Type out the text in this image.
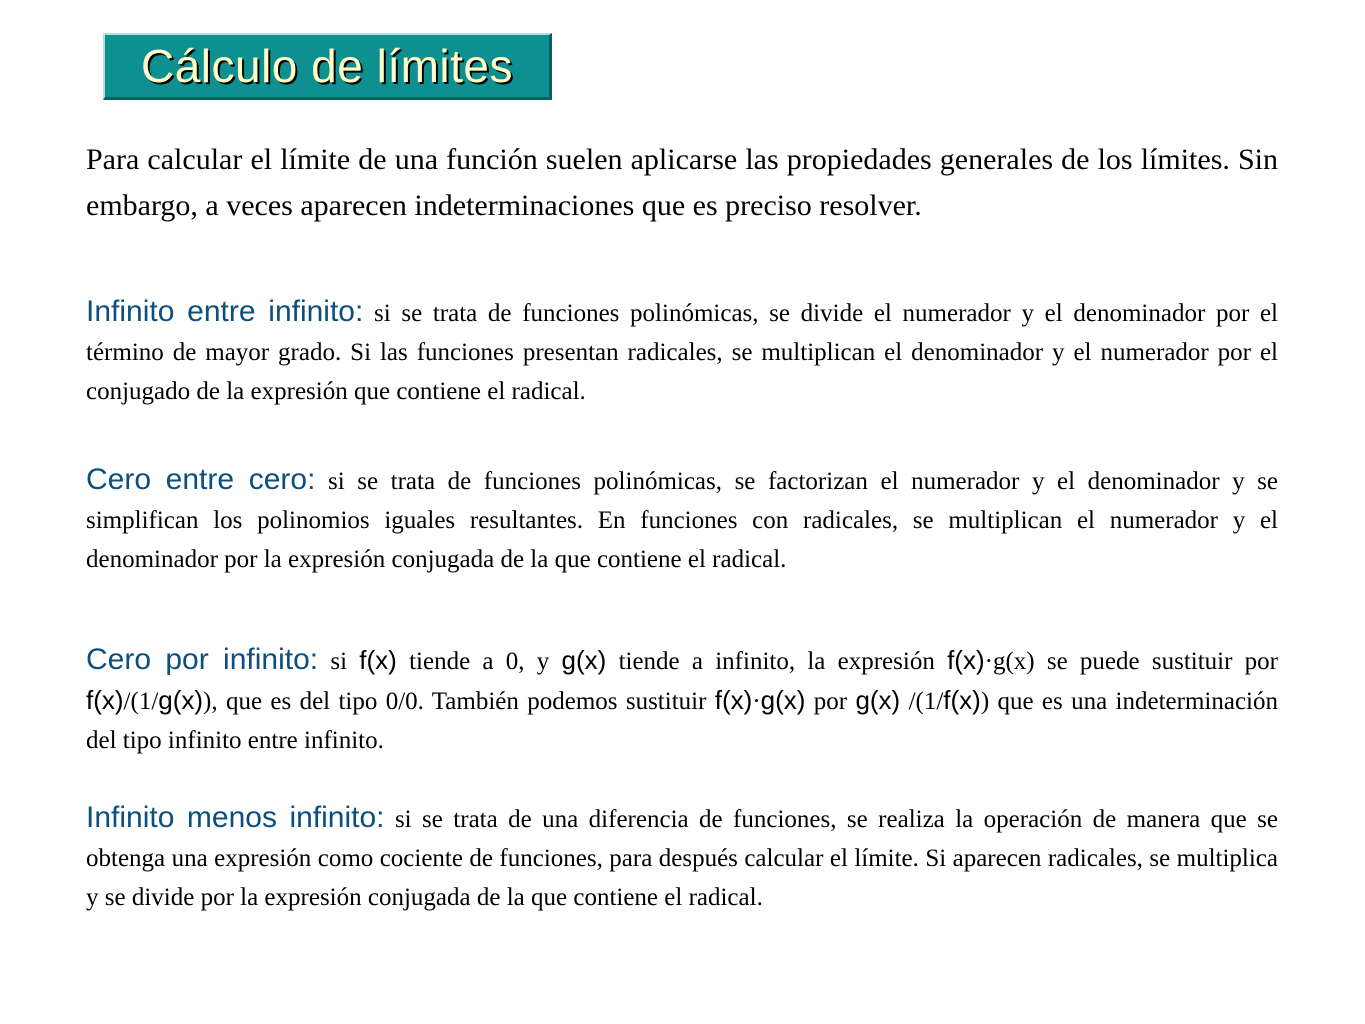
Cálculo de límites
Para calcular el límite de una función suelen aplicarse las propiedades generales de los límites. Sin embargo, a veces aparecen indeterminaciones que es preciso resolver.
Infinito entre infinito: si se trata de funciones polinómicas, se divide el numerador y el denominador por el término de mayor grado. Si las funciones presentan radicales, se multiplican el denominador y el numerador por el conjugado de la expresión que contiene el radical.
Cero entre cero: si se trata de funciones polinómicas, se factorizan el numerador y el denominador y se simplifican los polinomios iguales resultantes. En funciones con radicales, se multiplican el numerador y el denominador por la expresión conjugada de la que contiene el radical.
Cero por infinito: si f(x) tiende a 0, y g(x) tiende a infinito, la expresión f(x)·g(x) se puede sustituir por f(x)/(1/g(x)), que es del tipo 0/0. También podemos sustituir f(x)·g(x) por g(x) /(1/f(x)) que es una indeterminación del tipo infinito entre infinito.
Infinito menos infinito: si se trata de una diferencia de funciones, se realiza la operación de manera que se obtenga una expresión como cociente de funciones, para después calcular el límite. Si aparecen radicales, se multiplica y se divide por la expresión conjugada de la que contiene el radical.
